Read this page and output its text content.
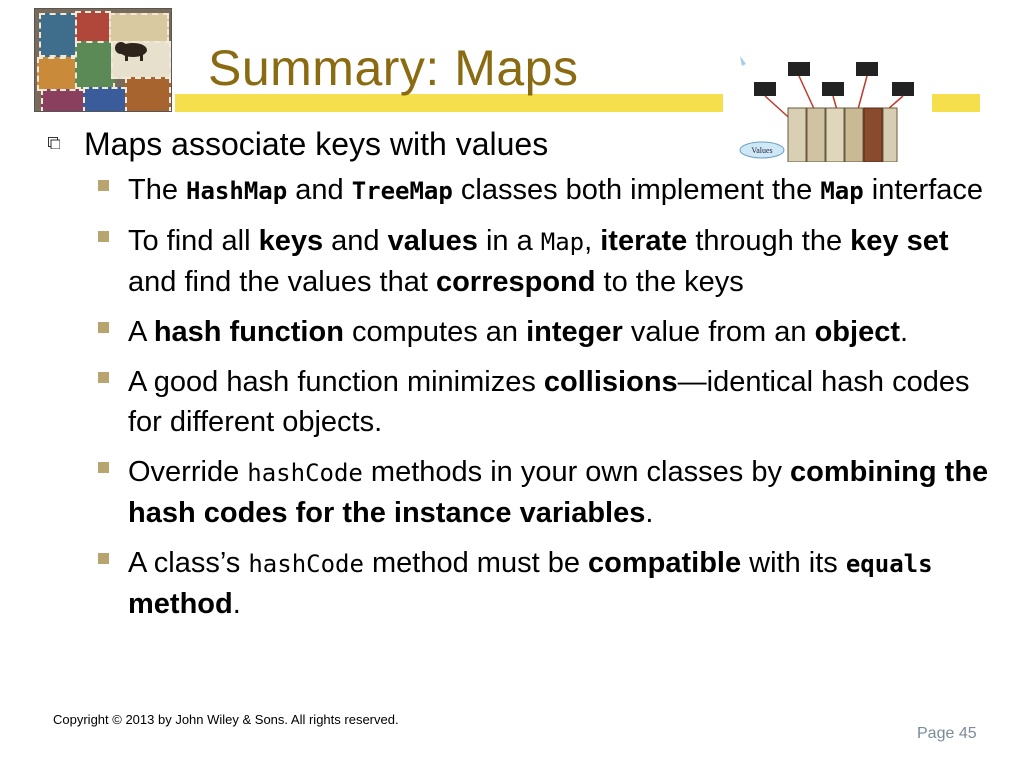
Summary: Maps
Values

Maps associate keys with values

The HashMap and TreeMap classes both implement the Map interface

To find all keys and values in a Map, iterate through the key set and find the values that correspond to the keys

A hash function computes an integer value from an object.

A good hash function minimizes collisions—identical hash codes for different objects.

Override hashCode methods in your own classes by combining the hash codes for the instance variables.

A class’s hashCode method must be compatible with its equals method.

Copyright © 2013 by John Wiley & Sons. All rights reserved.
Page 45
